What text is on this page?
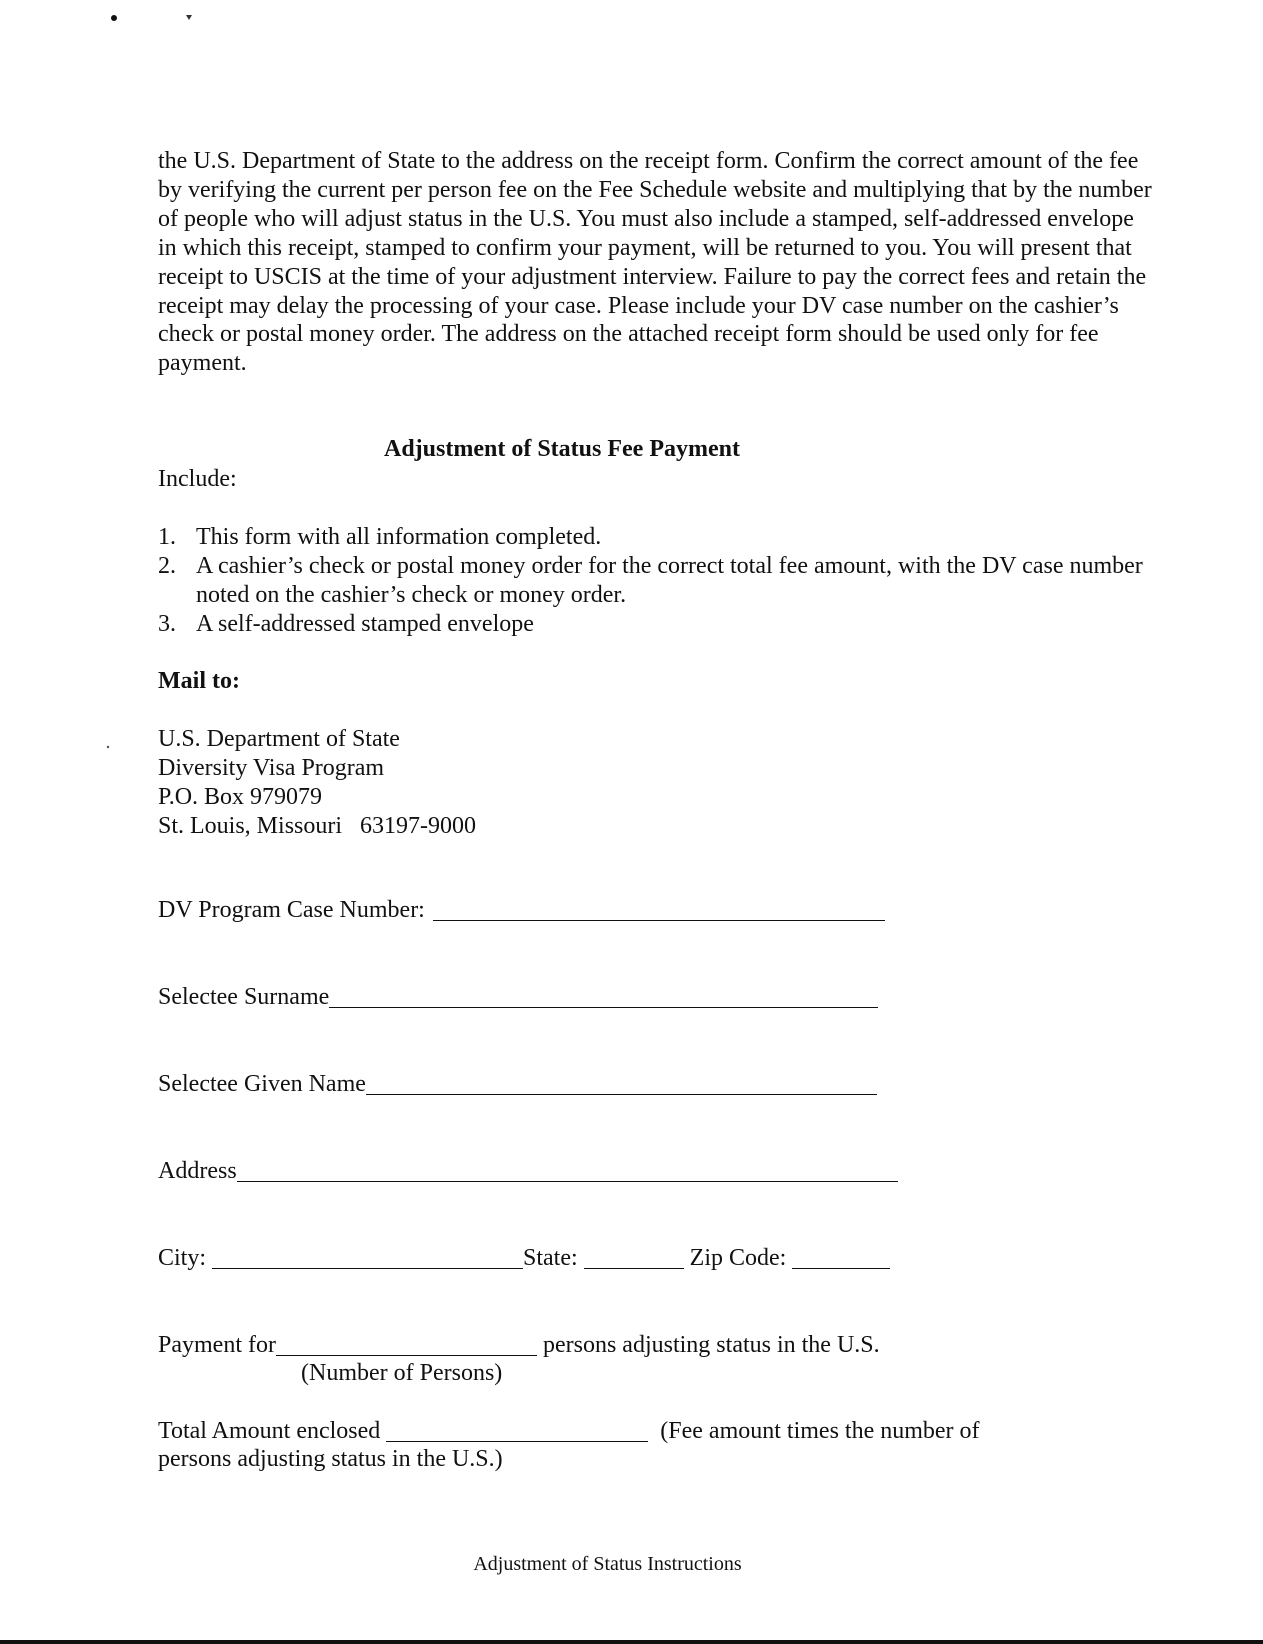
the U.S. Department of State to the address on the receipt form. Confirm the correct amount of the fee by verifying the current per person fee on the Fee Schedule website and multiplying that by the number of people who will adjust status in the U.S. You must also include a stamped, self-addressed envelope in which this receipt, stamped to confirm your payment, will be returned to you. You will present that receipt to USCIS at the time of your adjustment interview. Failure to pay the correct fees and retain the receipt may delay the processing of your case. Please include your DV case number on the cashier’s check or postal money order. The address on the attached receipt form should be used only for fee payment.

Adjustment of Status Fee Payment
Include:
1. This form with all information completed.
2. A cashier’s check or postal money order for the correct total fee amount, with the DV case number noted on the cashier’s check or money order.
3. A self-addressed stamped envelope
Mail to:
U.S. Department of State
Diversity Visa Program
P.O. Box 979079
St. Louis, Missouri   63197-9000
DV Program Case Number:
Selectee Surname
Selectee Given Name
Address
City:	State:	Zip Code:
Payment for	persons adjusting status in the U.S.
(Number of Persons)
Total Amount enclosed	(Fee amount times the number of
persons adjusting status in the U.S.)
Adjustment of Status Instructions
